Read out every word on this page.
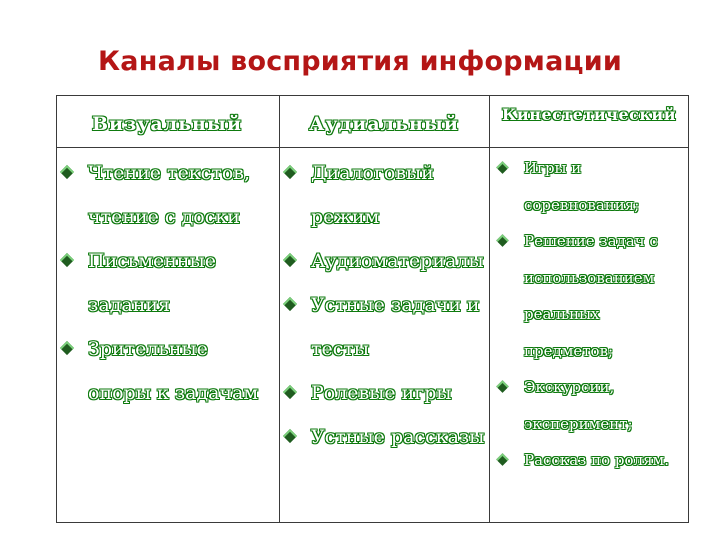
Каналы восприятия информации
Визуальный	Аудиальный	Кинестетический
Чтение текстов,
чтение с доски
Письменные
задания
Зрительные
опоры к задачам
Диалоговый
режим
Аудиоматериалы
Устные задачи и
тесты
Ролевые игры
Устные рассказы
Игры и
соревнования;
Решение задач с
использованием
реальных
предметов;
Экскурсии,
эксперимент;
Рассказ по ролям.
